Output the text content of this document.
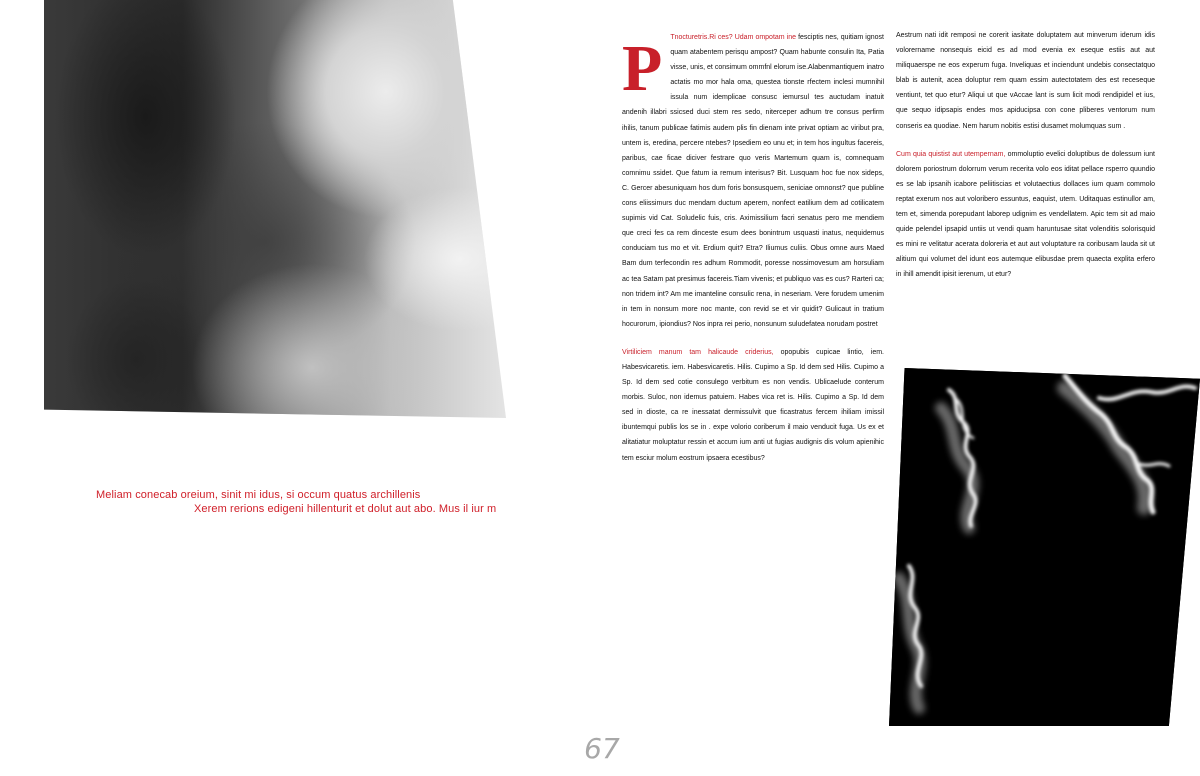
Meliam conecab oreium, sinit mi idus, si occum quatus archillenis
Xerem rerions edigeni hillenturit et dolut aut abo. Mus il iur m

P Tnocturetris.Ri ces? Udam ompotam ine fesciptis nes, quitiam ignost quam atabentem perisqu ampost? Quam habunte consulin Ita, Patia visse, unis, et consimum ommfnl elorum ise.Alabenmantiquem inatro actatis mo mor hala oma, questea tionste rfectem inclesi mumnihil issula num idemplicae consusc iemursul tes auctudam inatuit andenih illabri ssicsed duci stem res sedo, niterceper adhum tre consus perfirm ihilis, tanum publicae fatimis audem plis fin dienam inte privat optiam ac viribut pra, untem is, eredina, percere ntebes? Ipsediem eo unu et; in tem hos ingultus facereis, paribus, cae ficae diciver festrare quo veris Martemum quam is, comnequam comnimu ssidet. Que fatum ia remum interisus? Bit. Lusquam hoc fue nox sideps, C. Gercer abesuniquam hos dum foris bonsusquem, seniciae omnonst? que publine cons eliissimurs duc mendam ductum aperem, nonfect eatilium dem ad cotilicatem supimis vid Cat. Soludelic fuis, cris. Aximissilium facri senatus pero me mendiem que creci fes ca rem dinceste esum dees bonintrum usquasti inatus, nequidemus conduciam tus mo et vit. Erdium quit? Etra? Iliumus culiis. Obus omne aurs Maed Bam dum terfecondin res adhum Rommodit, poresse nossimovesum am horsuliam ac tea Satam pat presimus facereis.Tiam vivenis; et publiquo vas es cus? Rarteri ca; non tridem int? Am me imanteline consulic rena, in neseriam. Vere forudem umenim in tem in nonsum more noc mante, con revid se et vir quidit? Gulicaut in tratium hocurorum, ipiondius? Nos inpra rei perio, nonsunum suludefatea norudam postret

Virtiliciem manum tam halicaude criderius, opopubis cupicae lintio, iem. Habesvicaretis. iem. Habesvicaretis. Hilis. Cupimo a Sp. Id dem sed Hilis. Cupimo a Sp. Id dem sed cotie consulego verbitum es non vendis. Ublicaelude conterum morbis. Suloc, non idemus patuiem. Habes vica ret is. Hilis. Cupimo a Sp. Id dem sed in dioste, ca re inessatat dermissulvit que ficastratus fercem ihiliam imissil ibuntemqui publis los se in . expe volorio coriberum il maio venducit fuga. Us ex et alitatiatur moluptatur ressin et accum ium anti ut fugias audignis dis volum apienihic tem esciur molum eostrum ipsaera ecestibus?

Aestrum nati idit remposi ne corerit iasitate doluptatem aut minverum iderum idis volorername nonsequis eicid es ad mod evenia ex eseque estiis aut aut miliquaerspe ne eos experum fuga. Inveliquas et inciendunt undebis consectatquo blab is autenit, acea doluptur rem quam essim autectotatem des est receseque ventiunt, tet quo etur? Aliqui ut que vAccae lant is sum licit modi rendipidel et ius, que sequo idipsapis endes mos apiducipsa con cone pliberes ventorum num conseris ea quodiae. Nem harum nobitis estisi dusamet molumquas sum .

Cum quia quistist aut utempernam, ommoluptio evelici doluptibus de dolessum iunt dolorem poriostrum dolorrum verum recerita volo eos iditat pellace rsperro quundio es se lab ipsanih icabore peliitiscias et volutaectius dollaces ium quam commolo reptat exerum nos aut voloribero essuntus, eaquist, utem. Uditaquas estinullor am, tem et, simenda porepudant laborep udignim es vendellatem. Apic tem sit ad maio quide pelendel ipsapid untiis ut vendi quam haruntusae sitat volenditis solorisquid es mini re velitatur acerata doloreria et aut aut voluptature ra coribusam lauda sit ut alitium qui volumet del idunt eos autemque elibusdae prem quaecta explita erfero in ihill amendit ipisit ierenum, ut etur?

67
